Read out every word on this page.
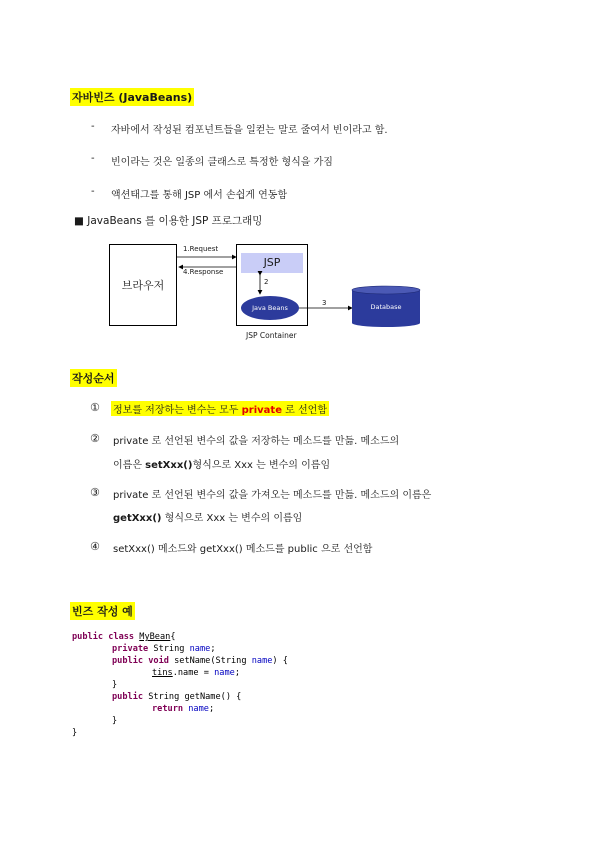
자바빈즈 (JavaBeans)
- 자바에서 작성된 컴포넌트들을 일컫는 말로 줄여서 빈이라고 함.
- 빈이라는 것은 일종의 클래스로 특정한 형식을 가짐
- 액션태그를 통해 JSP 에서 손쉽게 연동함
■ JavaBeans 를 이용한 JSP 프로그래밍
브라우저
JSP
Java Beans
1.Request
4.Response
2
3	Database
JSP Container
작성순서
① 정보를 저장하는 변수는 모두 private 로 선언함
② private 로 선언된 변수의 값을 저장하는 메소드를 만듦. 메소드의
이름은 setXxx()형식으로 Xxx 는 변수의 이름임
③ private 로 선언된 변수의 값을 가져오는 메소드를 만듦. 메소드의 이름은
getXxx() 형식으로 Xxx 는 변수의 이름임
④ setXxx() 메소드와 getXxx() 메소드를 public 으로 선언함
빈즈 작성 예
public class MyBean{
private String name;
public void setName(String name) {
tins.name = name;
}
public String getName() {
return name;
}
}
